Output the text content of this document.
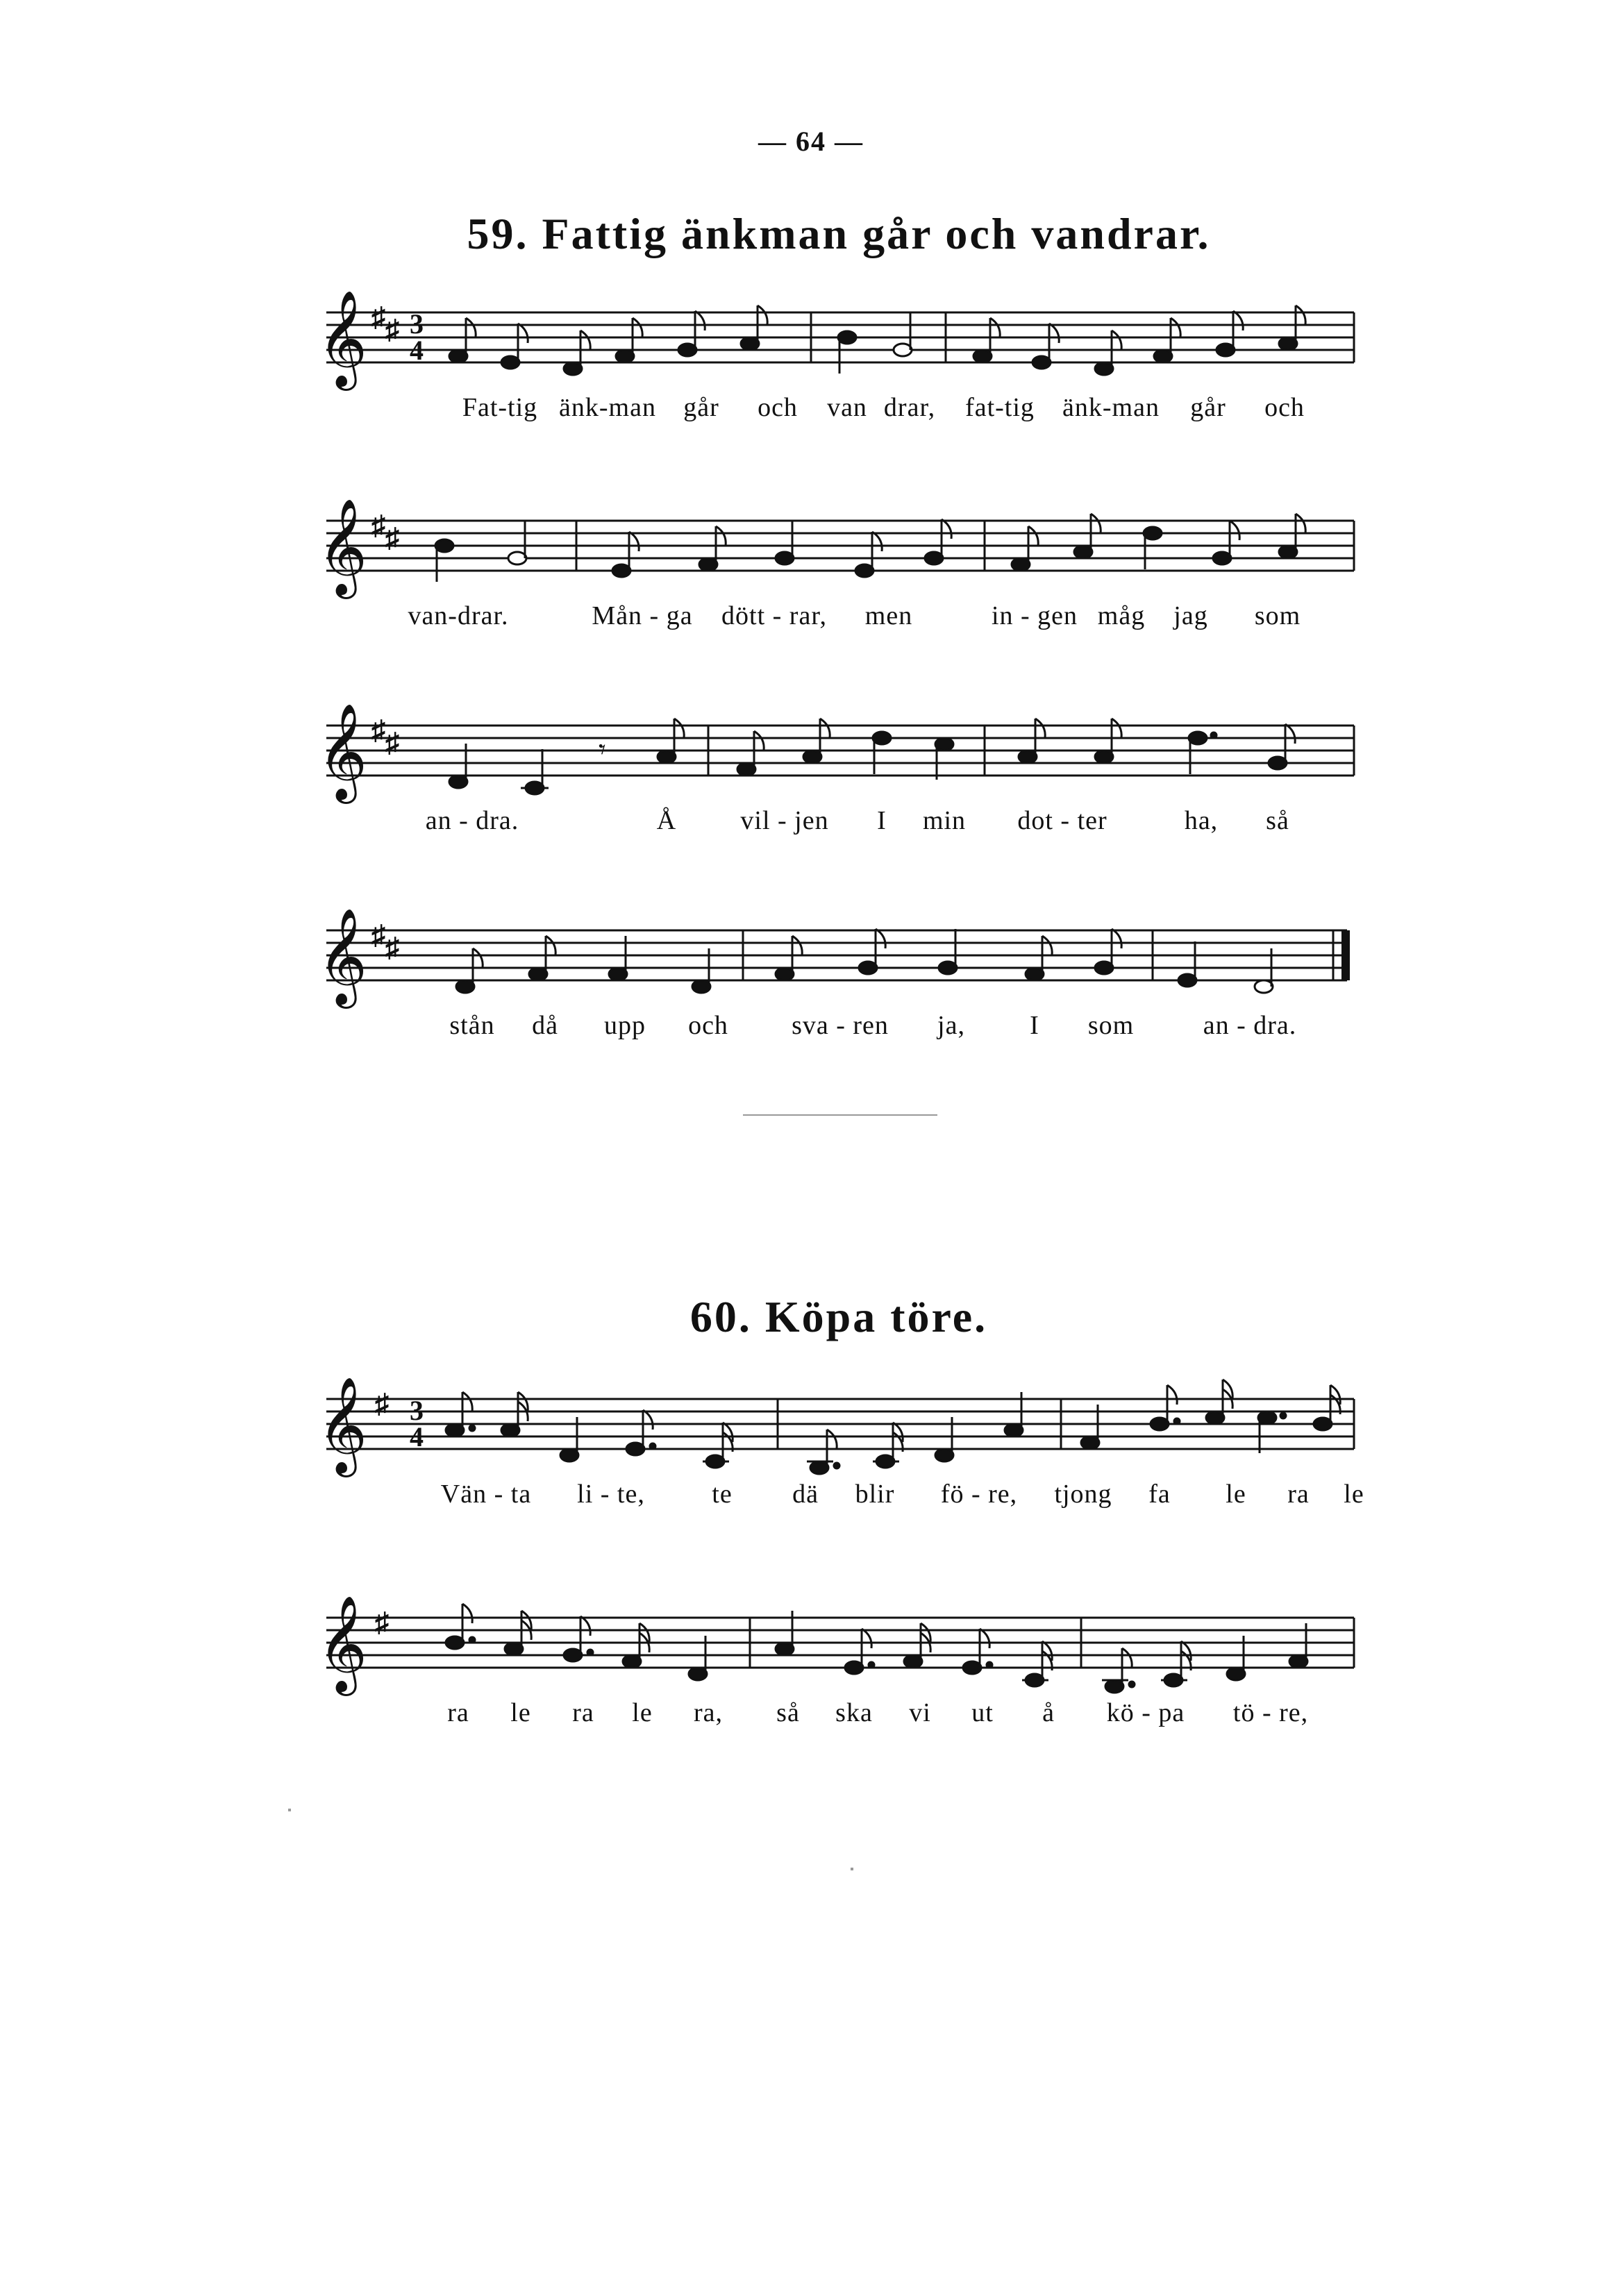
— 64 —
59. Fattig änkman går och vandrar.
𝄞 ♯ ♯ 3
4
Fat-tig änk-man går och van drar, fat-tig änk-man går och
𝄞 ♯ ♯
van-drar.	Mån - ga dött - rar, men	in - gen måg jag som
𝄞 ♯ ♯	𝄾
an - dra.	Å vil - jen I min dot - ter	ha, så
𝄞 ♯ ♯
stån då upp och sva - ren ja, I som	an - dra.
60. Köpa töre.
𝄞 ♯ 3
4
Vän - ta li - te,	te dä blir fö - re, tjong fa le ra le
𝄞 ♯
ra le ra le ra, så ska vi ut å kö - pa tö - re,
